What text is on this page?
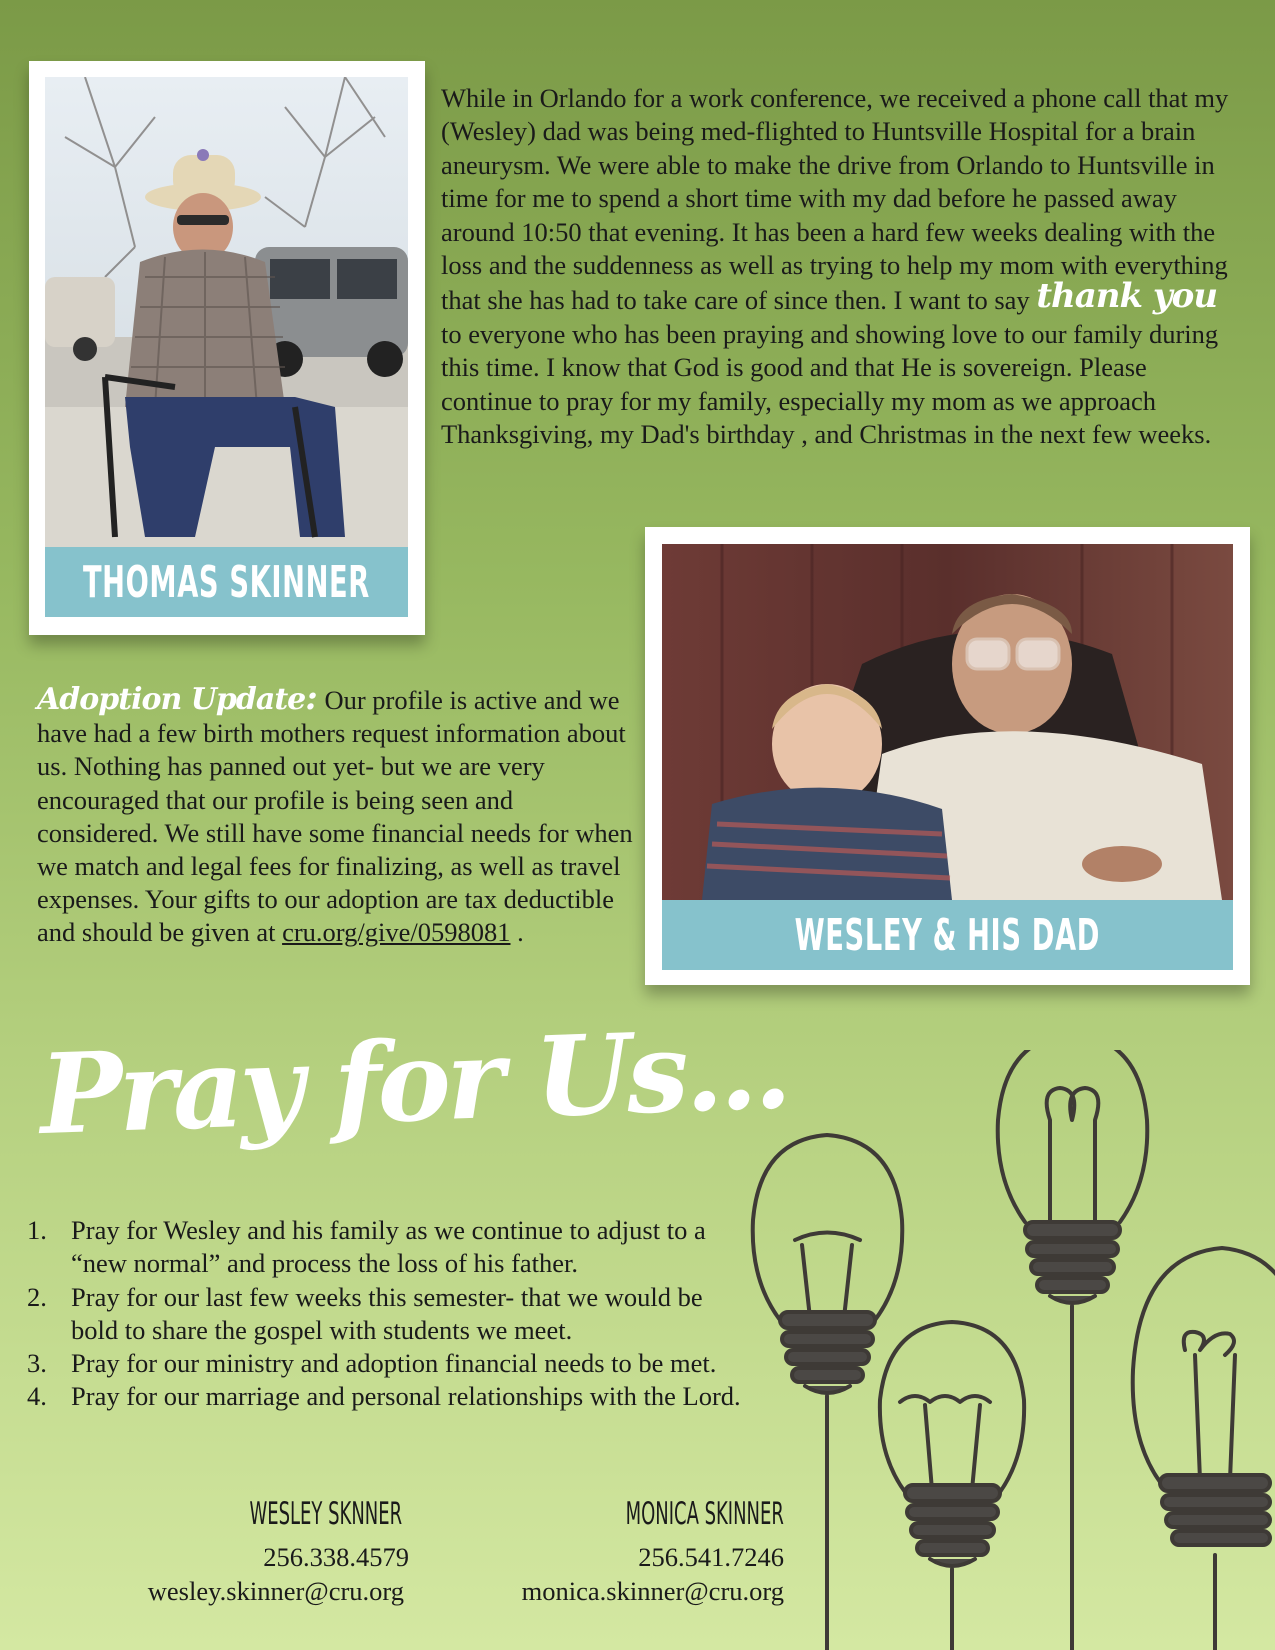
THOMAS SKINNER
While in Orlando for a work conference, we received a phone call that my (Wesley) dad was being med-flighted to Huntsville Hospital for a brain aneurysm. We were able to make the drive from Orlando to Huntsville in time for me to spend a short time with my dad before he passed away around 10:50 that evening. It has been a hard few weeks dealing with the loss and the suddenness as well as trying to help my mom with everything that she has had to take care of since then. I want to say thank you to everyone who has been praying and showing love to our family during this time. I know that God is good and that He is sovereign. Please continue to pray for my family, especially my mom as we approach Thanksgiving, my Dad's birthday , and Christmas in the next few weeks.
WESLEY & HIS DAD
Adoption Update: Our profile is active and we have had a few birth mothers request information about us. Nothing has panned out yet- but we are very encouraged that our profile is being seen and considered. We still have some financial needs for when we match and legal fees for finalizing, as well as travel expenses. Your gifts to our adoption are tax deductible and should be given at cru.org/give/0598081 .
Pray for Us...
1. Pray for Wesley and his family as we continue to adjust to a “new normal” and process the loss of his father.
2. Pray for our last few weeks this semester- that we would be bold to share the gospel with students we meet.
3. Pray for our ministry and adoption financial needs to be met.
4. Pray for our marriage and personal relationships with the Lord.
WESLEY SKNNER
256.338.4579
wesley.skinner@cru.org
MONICA SKINNER
256.541.7246
monica.skinner@cru.org
